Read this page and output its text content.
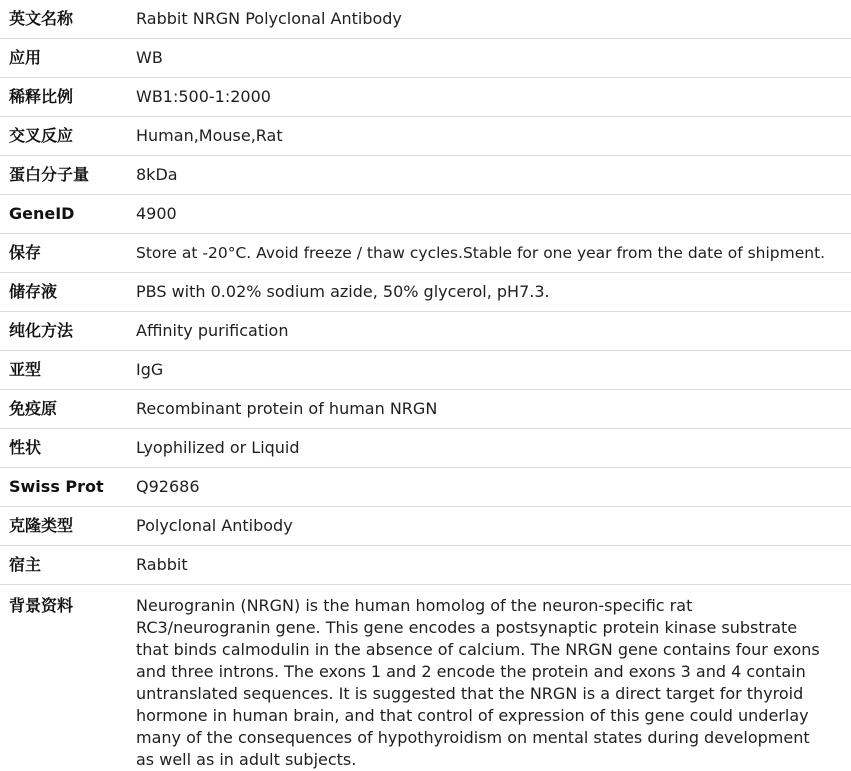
英文名称	Rabbit NRGN Polyclonal Antibody
应用	WB
稀释比例	WB1:500-1:2000
交叉反应	Human,Mouse,Rat
蛋白分子量	8kDa
GeneID	4900
保存	Store at -20°C. Avoid freeze / thaw cycles.Stable for one year from the date of shipment.
储存液	PBS with 0.02% sodium azide, 50% glycerol, pH7.3.
纯化方法	Affinity purification
亚型	IgG
免疫原	Recombinant protein of human NRGN
性状	Lyophilized or Liquid
Swiss Prot	Q92686
克隆类型	Polyclonal Antibody
宿主	Rabbit
背景资料	Neurogranin (NRGN) is the human homolog of the neuron-specific rat RC3/neurogranin gene. This gene encodes a postsynaptic protein kinase substrate that binds calmodulin in the absence of calcium. The NRGN gene contains four exons and three introns. The exons 1 and 2 encode the protein and exons 3 and 4 contain untranslated sequences. It is suggested that the NRGN is a direct target for thyroid hormone in human brain, and that control of expression of this gene could underlay many of the consequences of hypothyroidism on mental states during development as well as in adult subjects.
